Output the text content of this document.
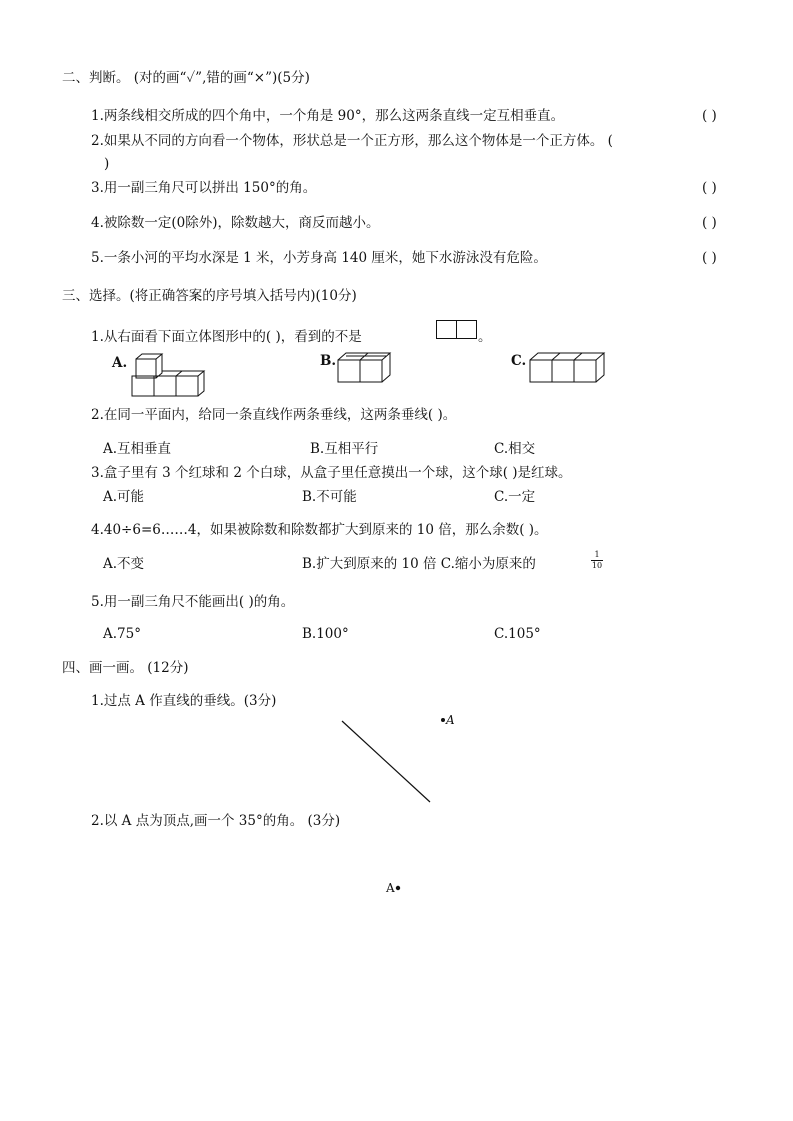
二、判断。 (对的画“✓”,错的画“×”)(5分)
1.两条线相交所成的四个角中，一个角是 90°，那么这两条直线一定互相垂直。	( )
2.如果从不同的方向看一个物体，形状总是一个正方形，那么这个物体是一个正方体。 (
)
3.用一副三角尺可以拼出 150°的角。	( )
4.被除数一定(0除外)，除数越大，商反而越小。	( )
5.一条小河的平均水深是 1 米，小芳身高 140 厘米，她下水游泳没有危险。	( )
三、选择。(将正确答案的序号填入括号内)(10分)
1.从右面看下面立体图形中的( )，看到的不是	。
A.	B.	C.
2.在同一平面内，给同一条直线作两条垂线，这两条垂线( )。
A.互相垂直	B.互相平行	C.相交
3.盒子里有 3 个红球和 2 个白球，从盒子里任意摸出一个球，这个球( )是红球。
A.可能	B.不可能	C.一定
4.40÷6=6……4，如果被除数和除数都扩大到原来的 10 倍，那么余数( )。
A.不变	B.扩大到原来的 10 倍 C.缩小为原来的
1
10
5.用一副三角尺不能画出( )的角。
A.75°	B.100°	C.105°
四、画一画。 (12分)
1.过点 A 作直线的垂线。(3分)
A
2.以 A 点为顶点,画一个 35°的角。 (3分)
A
